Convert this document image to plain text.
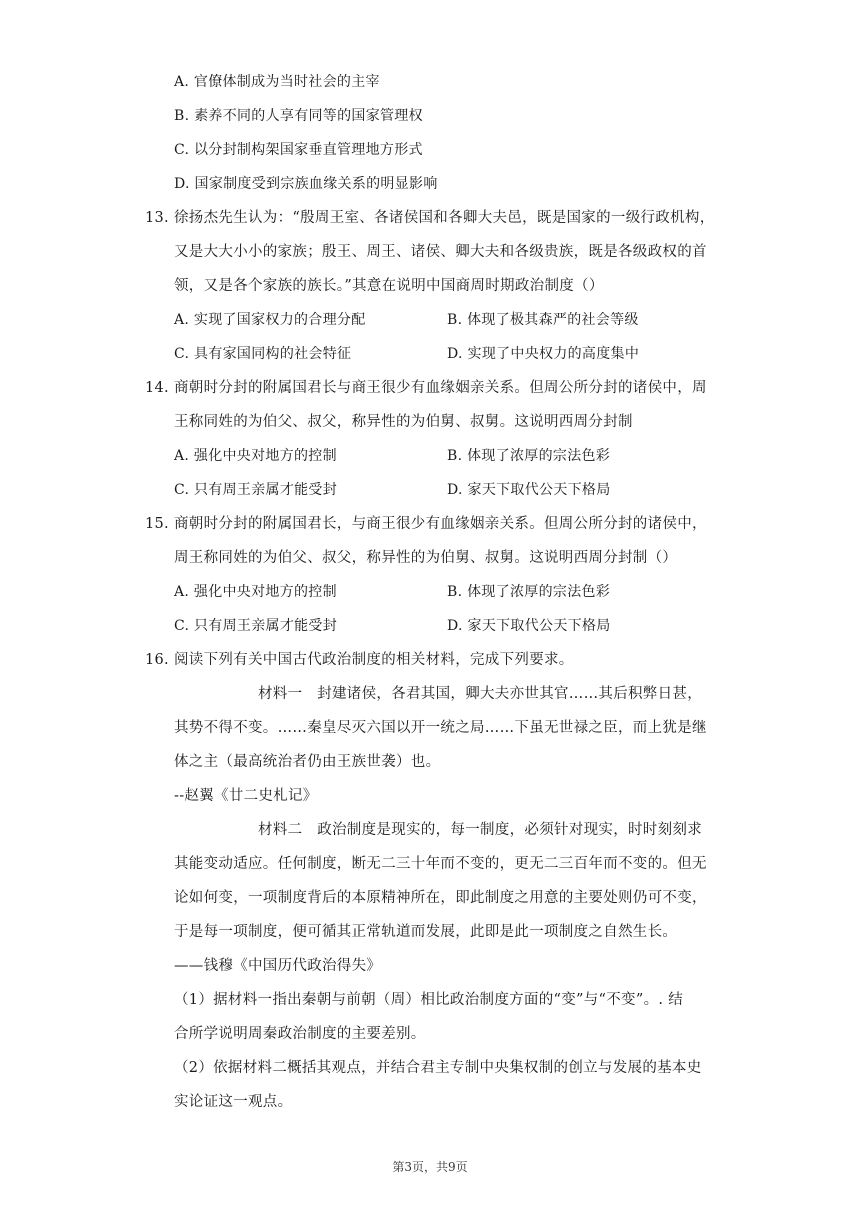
A. 官僚体制成为当时社会的主宰
B. 素养不同的人享有同等的国家管理权
C. 以分封制构架国家垂直管理地方形式
D. 国家制度受到宗族血缘关系的明显影响
13. 徐扬杰先生认为：“殷周王室、各诸侯国和各卿大夫邑，既是国家的一级行政机构，
又是大大小小的家族；殷王、周王、诸侯、卿大夫和各级贵族，既是各级政权的首
领，又是各个家族的族长。”其意在说明中国商周时期政治制度（）
A. 实现了国家权力的合理分配	B. 体现了极其森严的社会等级
C. 具有家国同构的社会特征	D. 实现了中央权力的高度集中
14. 商朝时分封的附属国君长与商王很少有血缘姻亲关系。但周公所分封的诸侯中，周
王称同姓的为伯父、叔父，称异性的为伯舅、叔舅。这说明西周分封制
A. 强化中央对地方的控制	B. 体现了浓厚的宗法色彩
C. 只有周王亲属才能受封	D. 家天下取代公天下格局
15. 商朝时分封的附属国君长，与商王很少有血缘姻亲关系。但周公所分封的诸侯中，
周王称同姓的为伯父、叔父，称异性的为伯舅、叔舅。这说明西周分封制（）
A. 强化中央对地方的控制	B. 体现了浓厚的宗法色彩
C. 只有周王亲属才能受封	D. 家天下取代公天下格局
16. 阅读下列有关中国古代政治制度的相关材料，完成下列要求。
材料一　封建诸侯，各君其国，卿大夫亦世其官……其后积弊日甚，
其势不得不变。……秦皇尽灭六国以开一统之局……下虽无世禄之臣，而上犹是继
体之主（最高统治者仍由王族世袭）也。
--赵翼《廿二史札记》
材料二　政治制度是现实的，每一制度，必须针对现实，时时刻刻求
其能变动适应。任何制度，断无二三十年而不变的，更无二三百年而不变的。但无
论如何变，一项制度背后的本原精神所在，即此制度之用意的主要处则仍可不变，
于是每一项制度，便可循其正常轨道而发展，此即是此一项制度之自然生长。
——钱穆《中国历代政治得失》
（1）据材料一指出秦朝与前朝（周）相比政治制度方面的“变”与“不变”。. 结
合所学说明周秦政治制度的主要差别。
（2）依据材料二概括其观点，并结合君主专制中央集权制的创立与发展的基本史
实论证这一观点。
第3页，共9页
